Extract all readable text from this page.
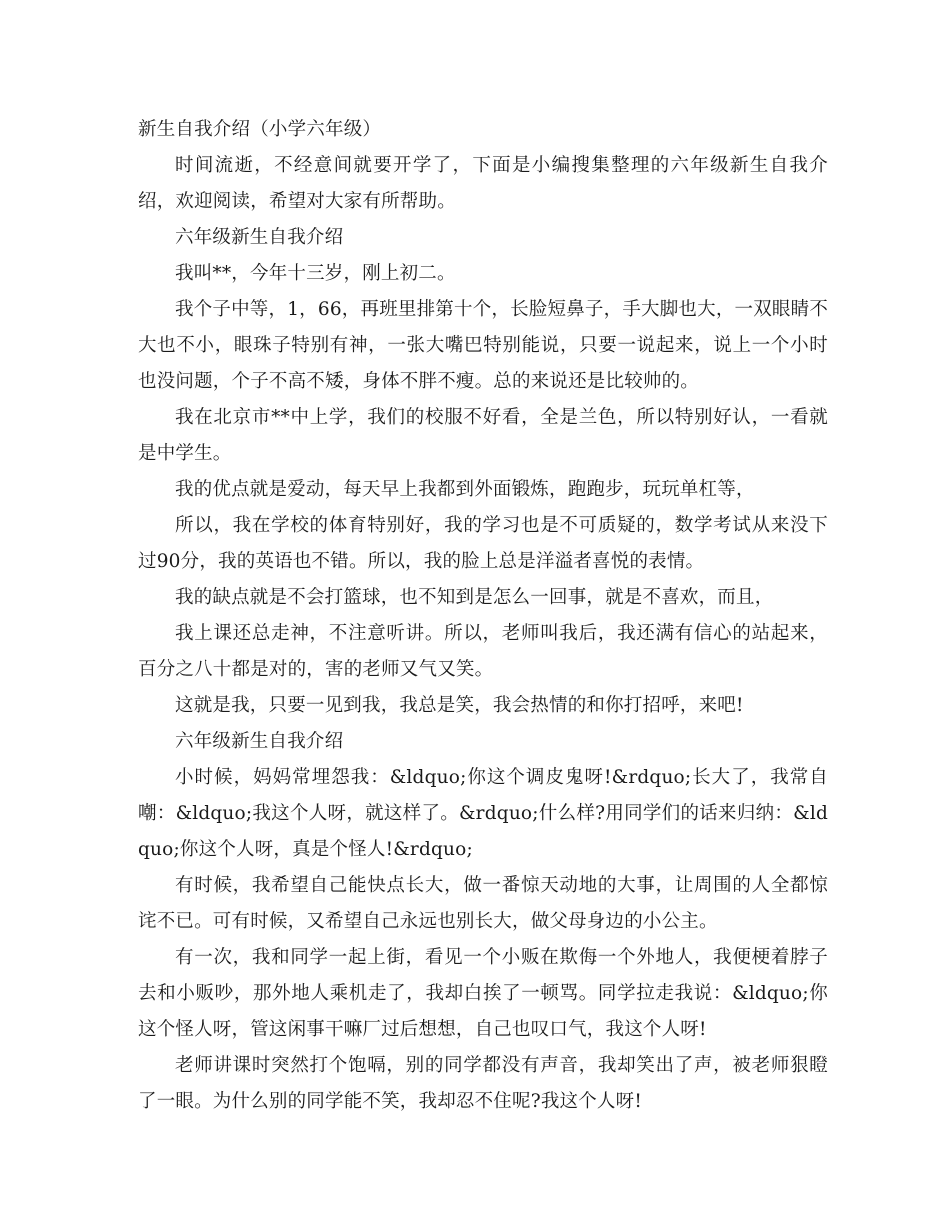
新生自我介绍（小学六年级）

时间流逝，不经意间就要开学了，下面是小编搜集整理的六年级新生自我介绍，欢迎阅读，希望对大家有所帮助。

六年级新生自我介绍

我叫**，今年十三岁，刚上初二。

我个子中等，1，66，再班里排第十个，长脸短鼻子，手大脚也大，一双眼睛不大也不小，眼珠子特别有神，一张大嘴巴特别能说，只要一说起来，说上一个小时也没问题，个子不高不矮，身体不胖不瘦。总的来说还是比较帅的。

我在北京市**中上学，我们的校服不好看，全是兰色，所以特别好认，一看就是中学生。

我的优点就是爱动，每天早上我都到外面锻炼，跑跑步，玩玩单杠等，

所以，我在学校的体育特别好，我的学习也是不可质疑的，数学考试从来没下过90分，我的英语也不错。所以，我的脸上总是洋溢者喜悦的表情。

我的缺点就是不会打篮球，也不知到是怎么一回事，就是不喜欢，而且，

我上课还总走神，不注意听讲。所以，老师叫我后，我还满有信心的站起来，百分之八十都是对的，害的老师又气又笑。

这就是我，只要一见到我，我总是笑，我会热情的和你打招呼，来吧!

六年级新生自我介绍

小时候，妈妈常埋怨我：&ldquo;你这个调皮鬼呀!&rdquo;长大了，我常自嘲：&ldquo;我这个人呀，就这样了。&rdquo;什么样?用同学们的话来归纳：&ldquo;你这个人呀，真是个怪人!&rdquo;

有时候，我希望自己能快点长大，做一番惊天动地的大事，让周围的人全都惊诧不已。可有时候，又希望自己永远也别长大，做父母身边的小公主。

有一次，我和同学一起上街，看见一个小贩在欺侮一个外地人，我便梗着脖子去和小贩吵，那外地人乘机走了，我却白挨了一顿骂。同学拉走我说：&ldquo;你这个怪人呀，管这闲事干嘛厂过后想想，自己也叹口气，我这个人呀!

老师讲课时突然打个饱嗝，别的同学都没有声音，我却笑出了声，被老师狠瞪了一眼。为什么别的同学能不笑，我却忍不住呢?我这个人呀!
